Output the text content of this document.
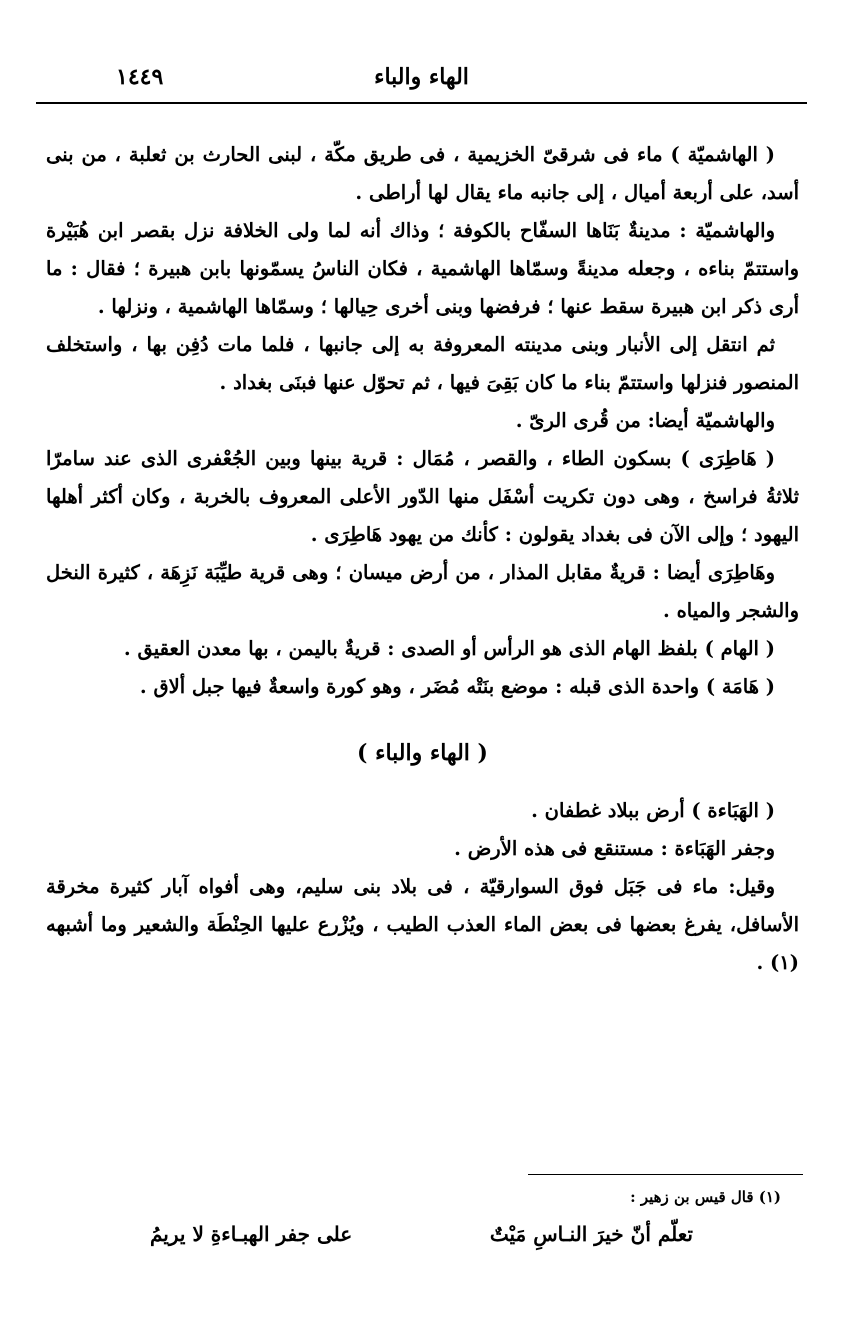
الهاء والباء
١٤٤٩

( الهاشميّة ) ماء فى شرقىّ الخزيمية ، فى طريق مكّة ، لبنى الحارث بن ثعلبة ، من بنى أسد، على أربعة أميال ، إلى جانبه ماء يقال لها أراطى .

والهاشميّة : مدينةٌ بَنَاها السفّاح بالكوفة ؛ وذاك أنه لما ولى الخلافة نزل بقصر ابن هُبَيْرة واستتمّ بناءه ، وجعله مدينةً وسمّاها الهاشمية ، فكان الناسُ يسمّونها بابن هبيرة ؛ فقال : ما أرى ذكر ابن هبيرة سقط عنها ؛ فرفضها وبنى أخرى حِيالها ؛ وسمّاها الهاشمية ، ونزلها .

ثم انتقل إلى الأنبار وبنى مدينته المعروفة به إلى جانبها ، فلما مات دُفِن بها ، واستخلف المنصور فنزلها واستتمّ بناء ما كان بَقِىَ فيها ، ثم تحوّل عنها فبنَى بغداد .

والهاشميّة أيضا: من قُرى الرىّ .

( هَاطِرَى ) بسكون الطاء ، والقصر ، مُمَال : قرية بينها وبين الجُعْفرى الذى عند سامرّا ثلاثةُ فراسخ ، وهى دون تكريت أسْفَل منها الدّور الأعلى المعروف بالخربة ، وكان أكثر أهلها اليهود ؛ وإلى الآن فى بغداد يقولون : كأنك من يهود هَاطِرَى .

وهَاطِرَى أيضا : قريةٌ مقابل المذار ، من أرض ميسان ؛ وهى قرية طيِّبَة نَزِهَة ، كثيرة النخل والشجر والمياه .

( الهام ) بلفظ الهام الذى هو الرأس أو الصدى : قريةٌ باليمن ، بها معدن العقيق .

( هَامَة ) واحدة الذى قبله : موضع بنَتْه مُضَر ، وهو كورة واسعةٌ فيها جبل ألاق .

( الهاء والباء )

( الهَبَاءة ) أرض ببلاد غطفان .

وجفر الهَبَاءة : مستنقع فى هذه الأرض .

وقيل: ماء فى جَبَل فوق السوارقيّة ، فى بلاد بنى سليم، وهى أفواه آبار كثيرة مخرقة الأسافل، يفرغ بعضها فى بعض الماء العذب الطيب ، ويُزْرع عليها الحِنْطَة والشعير وما أشبهه (١) .

(١) قال قيس بن زهير :
تعلّم أنّ خيرَ النـاسِ مَيْتٌ
على جفر الهبـاءةِ لا يريمُ
